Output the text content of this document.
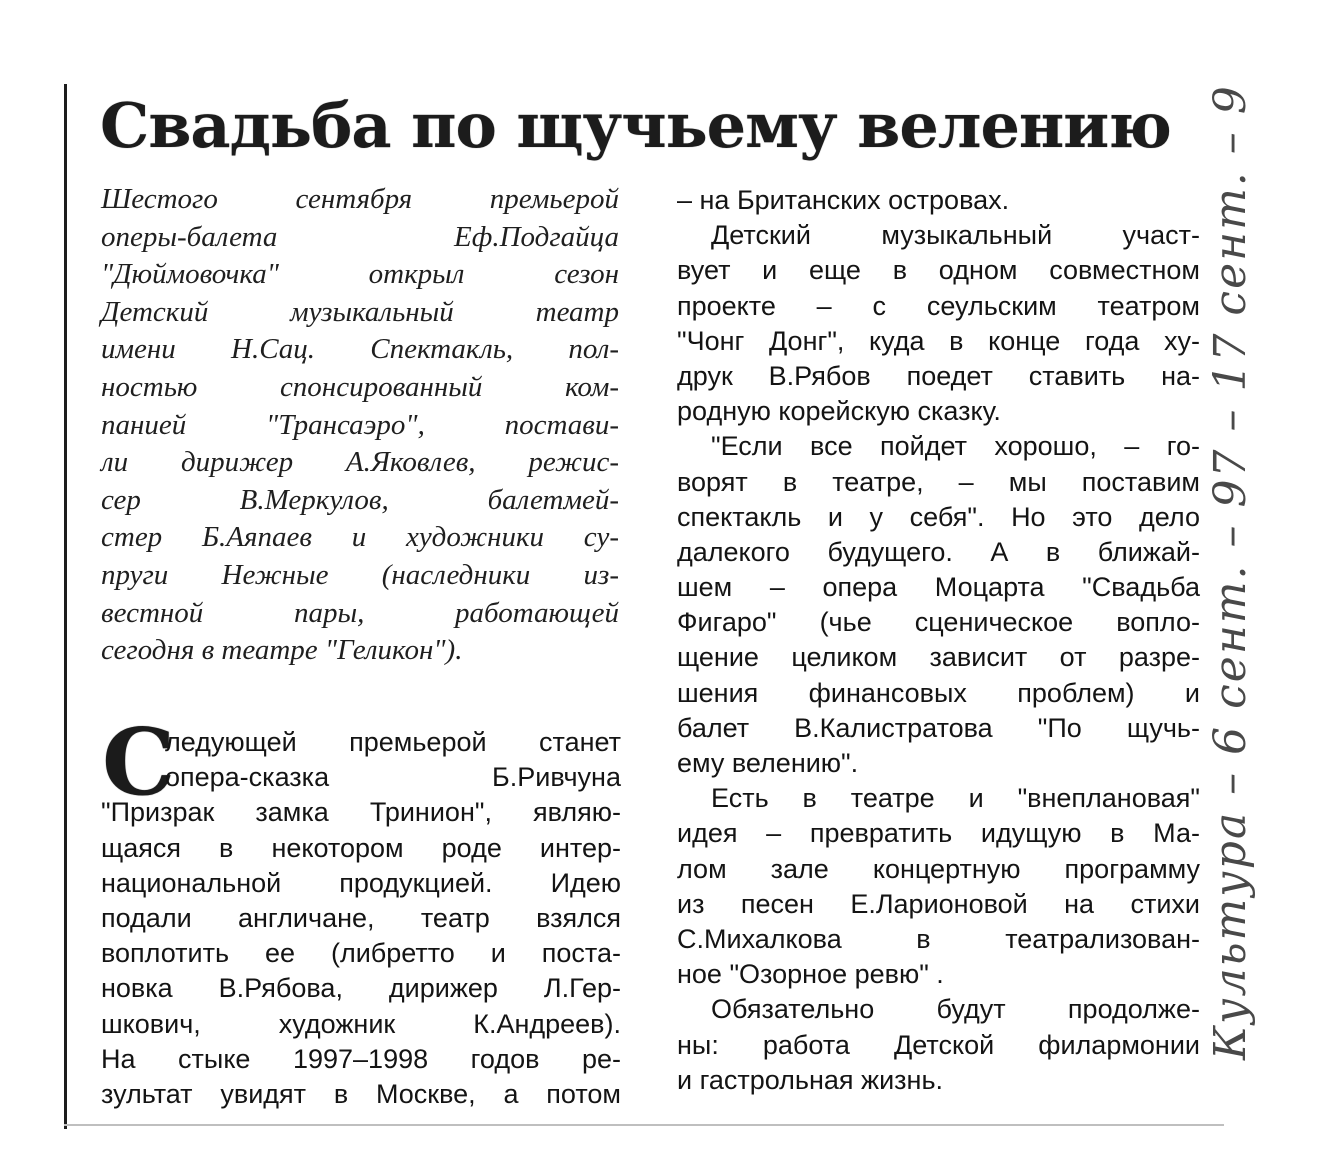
Свадьба по щучьему велению
Шестого сентября премьерой
оперы-балета Еф.Подгайца
"Дюймовочка" открыл сезон
Детский музыкальный театр
имени Н.Сац. Спектакль, пол-
ностью спонсированный ком-
панией "Трансаэро", постави-
ли дирижер А.Яковлев, режис-
сер В.Меркулов, балетмей-
стер Б.Аяпаев и художники су-
пруги Нежные (наследники из-
вестной пары, работающей
сегодня в театре "Геликон").
С
ледующей премьерой станет
опера-сказка Б.Ривчуна
"Призрак замка Тринион", являю-
щаяся в некотором роде интер-
национальной продукцией. Идею
подали англичане, театр взялся
воплотить ее (либретто и поста-
новка В.Рябова, дирижер Л.Гер-
шкович, художник К.Андреев).
На стыке 1997–1998 годов ре-
зультат увидят в Москве, а потом
– на Британских островах.
Детский музыкальный участ-
вует и еще в одном совместном
проекте – с сеульским театром
"Чонг Донг", куда в конце года ху-
друк В.Рябов поедет ставить на-
родную корейскую сказку.
"Если все пойдет хорошо, – го-
ворят в театре, – мы поставим
спектакль и у себя". Но это дело
далекого будущего. А в ближай-
шем – опера Моцарта "Свадьба
Фигаро" (чье сценическое вопло-
щение целиком зависит от разре-
шения финансовых проблем) и
балет В.Калистратова "По щучь-
ему велению".
Есть в театре и "внеплановая"
идея – превратить идущую в Ма-
лом зале концертную программу
из песен Е.Ларионовой на стихи
С.Михалкова в театрализован-
ное "Озорное ревю" .
Обязательно будут продолже-
ны: работа Детской филармонии
и гастрольная жизнь.
Культура – 6 сент. – 97 – 17 сент. – 9
